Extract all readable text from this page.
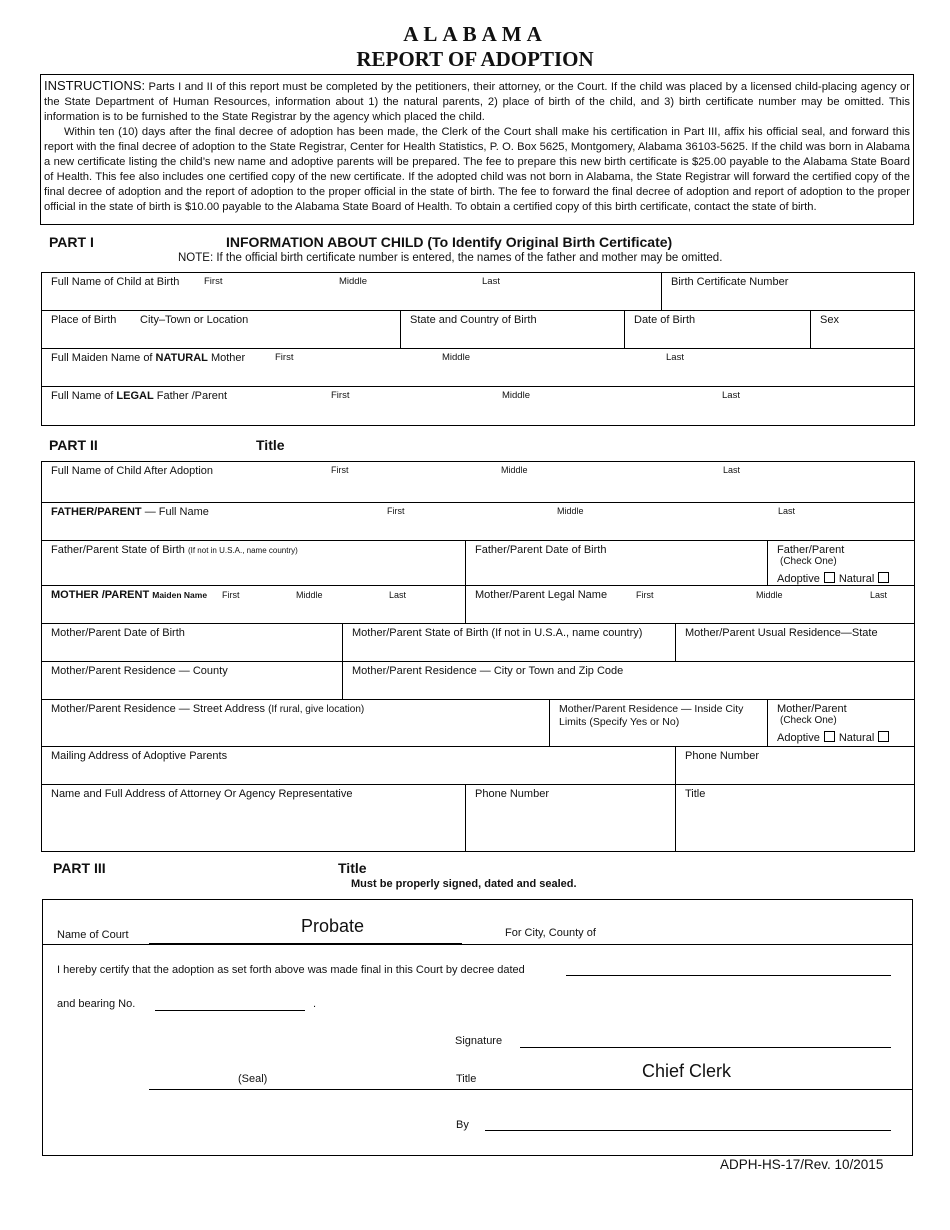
ALABAMA
REPORT OF ADOPTION

INSTRUCTIONS: Parts I and II of this report must be completed by the petitioners, their attorney, or the Court. If the child was placed by a licensed child-placing agency or the State Department of Human Resources, information about 1) the natural parents, 2) place of birth of the child, and 3) birth certificate number may be omitted. This information is to be furnished to the State Registrar by the agency which placed the child.

Within ten (10) days after the final decree of adoption has been made, the Clerk of the Court shall make his certification in Part III, affix his official seal, and forward this report with the final decree of adoption to the State Registrar, Center for Health Statistics, P. O. Box 5625, Montgomery, Alabama 36103-5625. If the child was born in Alabama a new certificate listing the child’s new name and adoptive parents will be prepared. The fee to prepare this new birth certificate is $25.00 payable to the Alabama State Board of Health. This fee also includes one certified copy of the new certificate. If the adopted child was not born in Alabama, the State Registrar will forward the certified copy of the final decree of adoption and the report of adoption to the proper official in the state of birth. The fee to forward the final decree of adoption and report of adoption to the proper official in the state of birth is $10.00 payable to the Alabama State Board of Health. To obtain a certified copy of this birth certificate, contact the state of birth.

PART I	INFORMATION ABOUT CHILD (To Identify Original Birth Certificate)
NOTE: If the official birth certificate number is entered, the names of the father and mother may be omitted.
Full Name of Child at Birth	First	Middle	Last	Birth Certificate Number
Place of Birth City–Town or Location	State and Country of Birth	Date of Birth	Sex
Full Maiden Name of NATURAL Mother	First	Middle	Last
Full Name of LEGAL Father /Parent	First	Middle	Last
PART II	Title
Full Name of Child After Adoption	First	Middle	Last
FATHER/PARENT — Full Name	First	Middle	Last
Father/Parent State of Birth (If not in U.S.A., name country)	Father/Parent Date of Birth	Father/Parent
(Check One)
Adoptive Natural
MOTHER /PARENT Maiden Name First	Middle	Last	Mother/Parent Legal Name	First	Middle	Last
Mother/Parent Date of Birth	Mother/Parent State of Birth (If not in U.S.A., name country)	Mother/Parent Usual Residence—State
Mother/Parent Residence — County	Mother/Parent Residence — City or Town and Zip Code
Mother/Parent Residence — Street Address (If rural, give location)	Mother/Parent Residence — Inside City Limits (Specify Yes or No)
Mother/Parent
(Check One)
Adoptive Natural
Mailing Address of Adoptive Parents	Phone Number
Name and Full Address of Attorney Or Agency Representative	Phone Number	Title
PART III	Title
Must be properly signed, dated and sealed.
Name of Court	Probate	For City, County of
I hereby certify that the adoption as set forth above was made final in this Court by decree dated
and bearing No.	.
Signature
(Seal)	Title	Chief Clerk
By
ADPH-HS-17/Rev. 10/2015
